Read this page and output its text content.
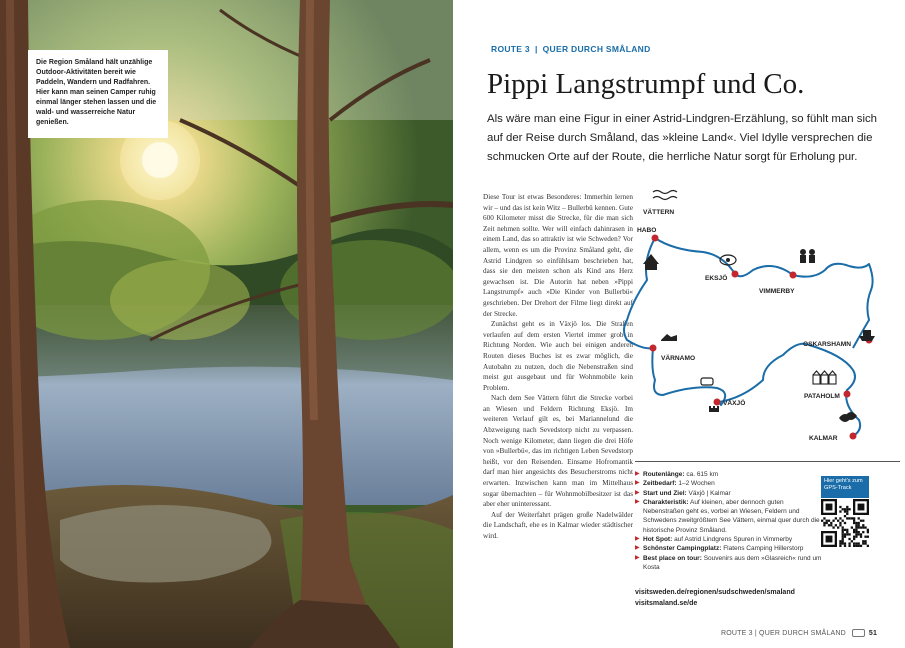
Die Region Småland hält unzählige Outdoor-Aktivitäten bereit wie Paddeln, Wandern und Radfahren. Hier kann man seinen Camper ruhig einmal länger stehen lassen und die wald- und wasserreiche Natur genießen.
ROUTE 3 | QUER DURCH SMÅLAND
Pippi Langstrumpf und Co.
Als wäre man eine Figur in einer Astrid-Lindgren-Erzählung, so fühlt man sich auf der Reise durch Småland, das »kleine Land«. Viel Idylle versprechen die schmucken Orte auf der Route, die herrliche Natur sorgt für Erholung pur.

Diese Tour ist etwas Besonderes: Immerhin lernen wir – und das ist kein Witz – Bullerbü kennen. Gute 600 Kilometer misst die Strecke, für die man sich Zeit nehmen sollte. Wer will einfach dahinrasen in einem Land, das so attraktiv ist wie Schweden? Vor allem, wenn es um die Provinz Småland geht, die Astrid Lindgren so einfühlsam beschrieben hat, dass sie den meisten schon als Kind ans Herz gewachsen ist. Die Autorin hat neben »Pippi Langstrumpf« auch »Die Kinder von Bullerbü« geschrieben. Der Drehort der Filme liegt direkt auf der Strecke.

Zunächst geht es in Växjö los. Die Straßen verlaufen auf dem ersten Viertel immer grob in Richtung Norden. Wie auch bei einigen anderen Routen dieses Buches ist es zwar möglich, die Autobahn zu nutzen, doch die Nebenstraßen sind meist gut ausgebaut und für Wohnmobile kein Problem.

Nach dem See Vättern führt die Strecke vorbei an Wiesen und Feldern Richtung Eksjö. Im weiteren Verlauf gilt es, bei Mariannelund die Abzweigung nach Sevedstorp nicht zu verpassen. Noch wenige Kilometer, dann liegen die drei Höfe von »Bullerbü«, das im richtigen Leben Sevedstorp heißt, vor den Reisenden. Einsame Hofromantik darf man hier angesichts des Besucherstroms nicht erwarten. Inzwischen kann man im Mittelhaus sogar übernachten – für Wohnmobilbesitzer ist das aber eher uninteressant.

Auf der Weiterfahrt prägen große Nadelwälder die Landschaft, ehe es in Kalmar wieder städtischer wird.

VÄTTERN
HABO
EKSJÖ
VIMMERBY
OSKARSHAMN
VÄRNAMO
PATAHOLM
VÄXJÖ
KALMAR
▶ Routenlänge: ca. 615 km
▶ Zeitbedarf: 1–2 Wochen
▶ Start und Ziel: Växjö | Kalmar
▶ Charakteristik: Auf kleinen, aber dennoch guten Nebenstraßen geht es, vorbei an Wiesen, Feldern und Schwedens zweitgrößtem See Vättern, einmal quer durch die historische Provinz Småland.
▶ Hot Spot: auf Astrid Lindgrens Spuren in Vimmerby
▶ Schönster Campingplatz: Flatens Camping Hillerstorp
▶ Best place on tour: Souvenirs aus dem »Glasreich« rund um Kosta
Hier geht's zum GPS-Track
visitsweden.de/regionen/sudschweden/smaland
visitsmaland.se/de
ROUTE 3 | QUER DURCH SMÅLAND	51
